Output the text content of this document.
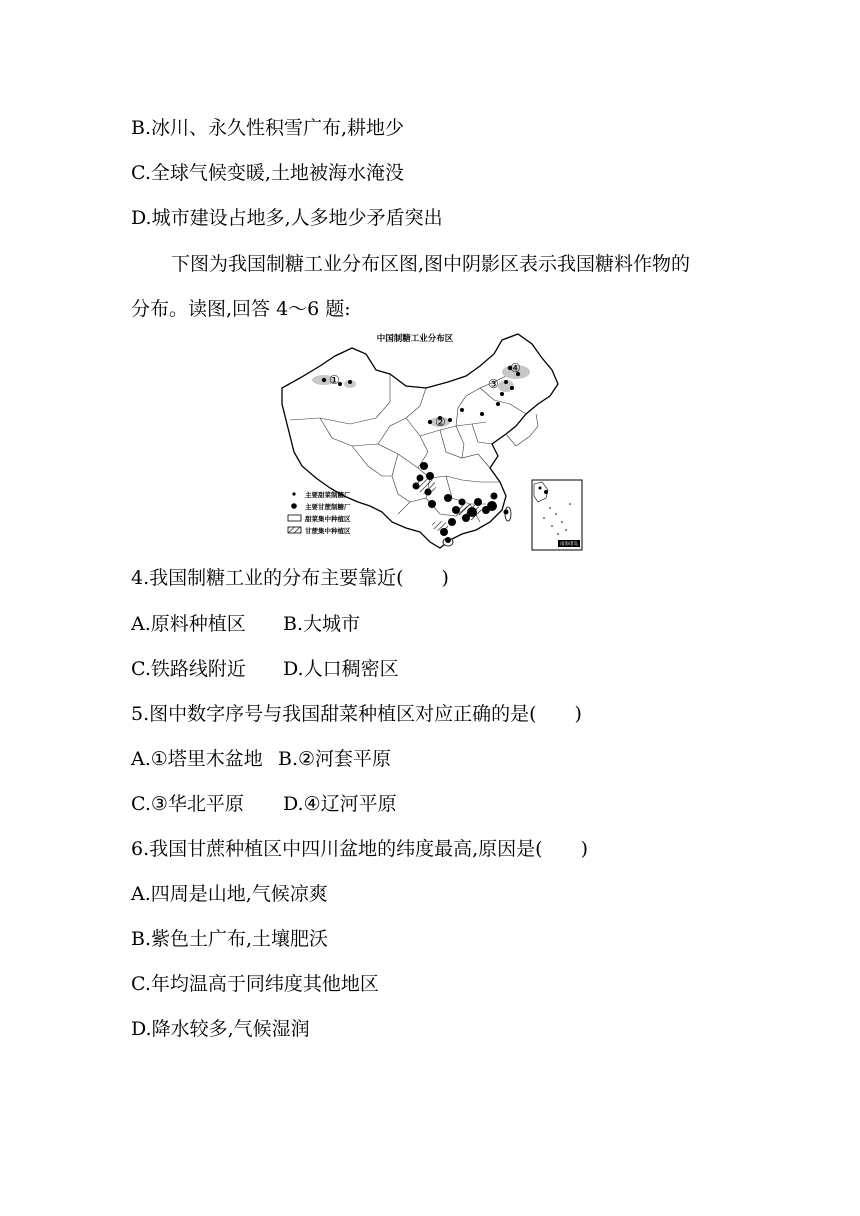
B.冰川、永久性积雪广布,耕地少
C.全球气候变暖,土地被海水淹没
D.城市建设占地多,人多地少矛盾突出
下图为我国制糖工业分布区图,图中阴影区表示我国糖料作物的
分布。读图,回答 4～6 题:
中国制糖工业分布区
①
②
③
④
主要甜菜制糖厂
主要甘蔗制糖厂
甜菜集中种植区
甘蔗集中种植区
南海诸岛
4.我国制糖工业的分布主要靠近(　　)
A.原料种植区 B.大城市
C.铁路线附近 D.人口稠密区
5.图中数字序号与我国甜菜种植区对应正确的是(　　)
A.①塔里木盆地 B.②河套平原
C.③华北平原 D.④辽河平原
6.我国甘蔗种植区中四川盆地的纬度最高,原因是(　　)
A.四周是山地,气候凉爽
B.紫色土广布,土壤肥沃
C.年均温高于同纬度其他地区
D.降水较多,气候湿润
